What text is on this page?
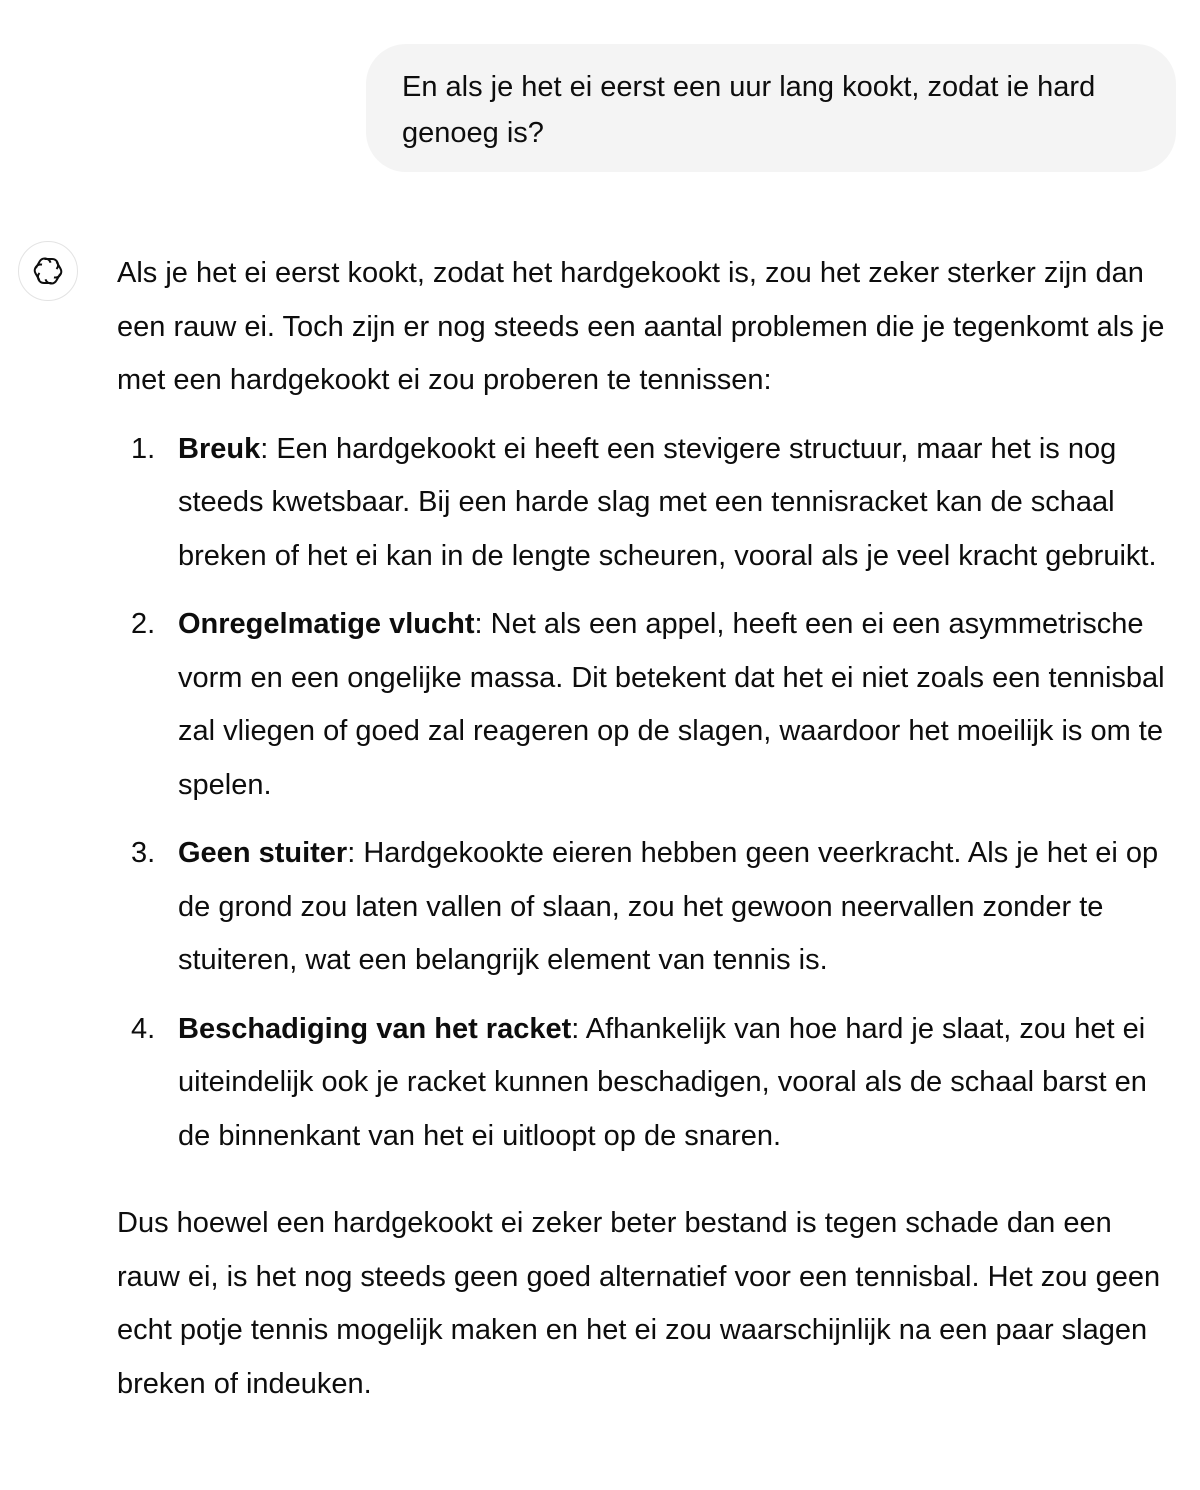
En als je het ei eerst een uur lang kookt, zodat ie hard genoeg is?

Als je het ei eerst kookt, zodat het hardgekookt is, zou het zeker sterker zijn dan een rauw ei. Toch zijn er nog steeds een aantal problemen die je tegenkomt als je met een hardgekookt ei zou proberen te tennissen:

1. Breuk: Een hardgekookt ei heeft een stevigere structuur, maar het is nog steeds kwetsbaar. Bij een harde slag met een tennisracket kan de schaal breken of het ei kan in de lengte scheuren, vooral als je veel kracht gebruikt.
2. Onregelmatige vlucht: Net als een appel, heeft een ei een asymmetrische vorm en een ongelijke massa. Dit betekent dat het ei niet zoals een tennisbal zal vliegen of goed zal reageren op de slagen, waardoor het moeilijk is om te spelen.
3. Geen stuiter: Hardgekookte eieren hebben geen veerkracht. Als je het ei op de grond zou laten vallen of slaan, zou het gewoon neervallen zonder te stuiteren, wat een belangrijk element van tennis is.
4. Beschadiging van het racket: Afhankelijk van hoe hard je slaat, zou het ei uiteindelijk ook je racket kunnen beschadigen, vooral als de schaal barst en de binnenkant van het ei uitloopt op de snaren.

Dus hoewel een hardgekookt ei zeker beter bestand is tegen schade dan een rauw ei, is het nog steeds geen goed alternatief voor een tennisbal. Het zou geen echt potje tennis mogelijk maken en het ei zou waarschijnlijk na een paar slagen breken of indeuken.
